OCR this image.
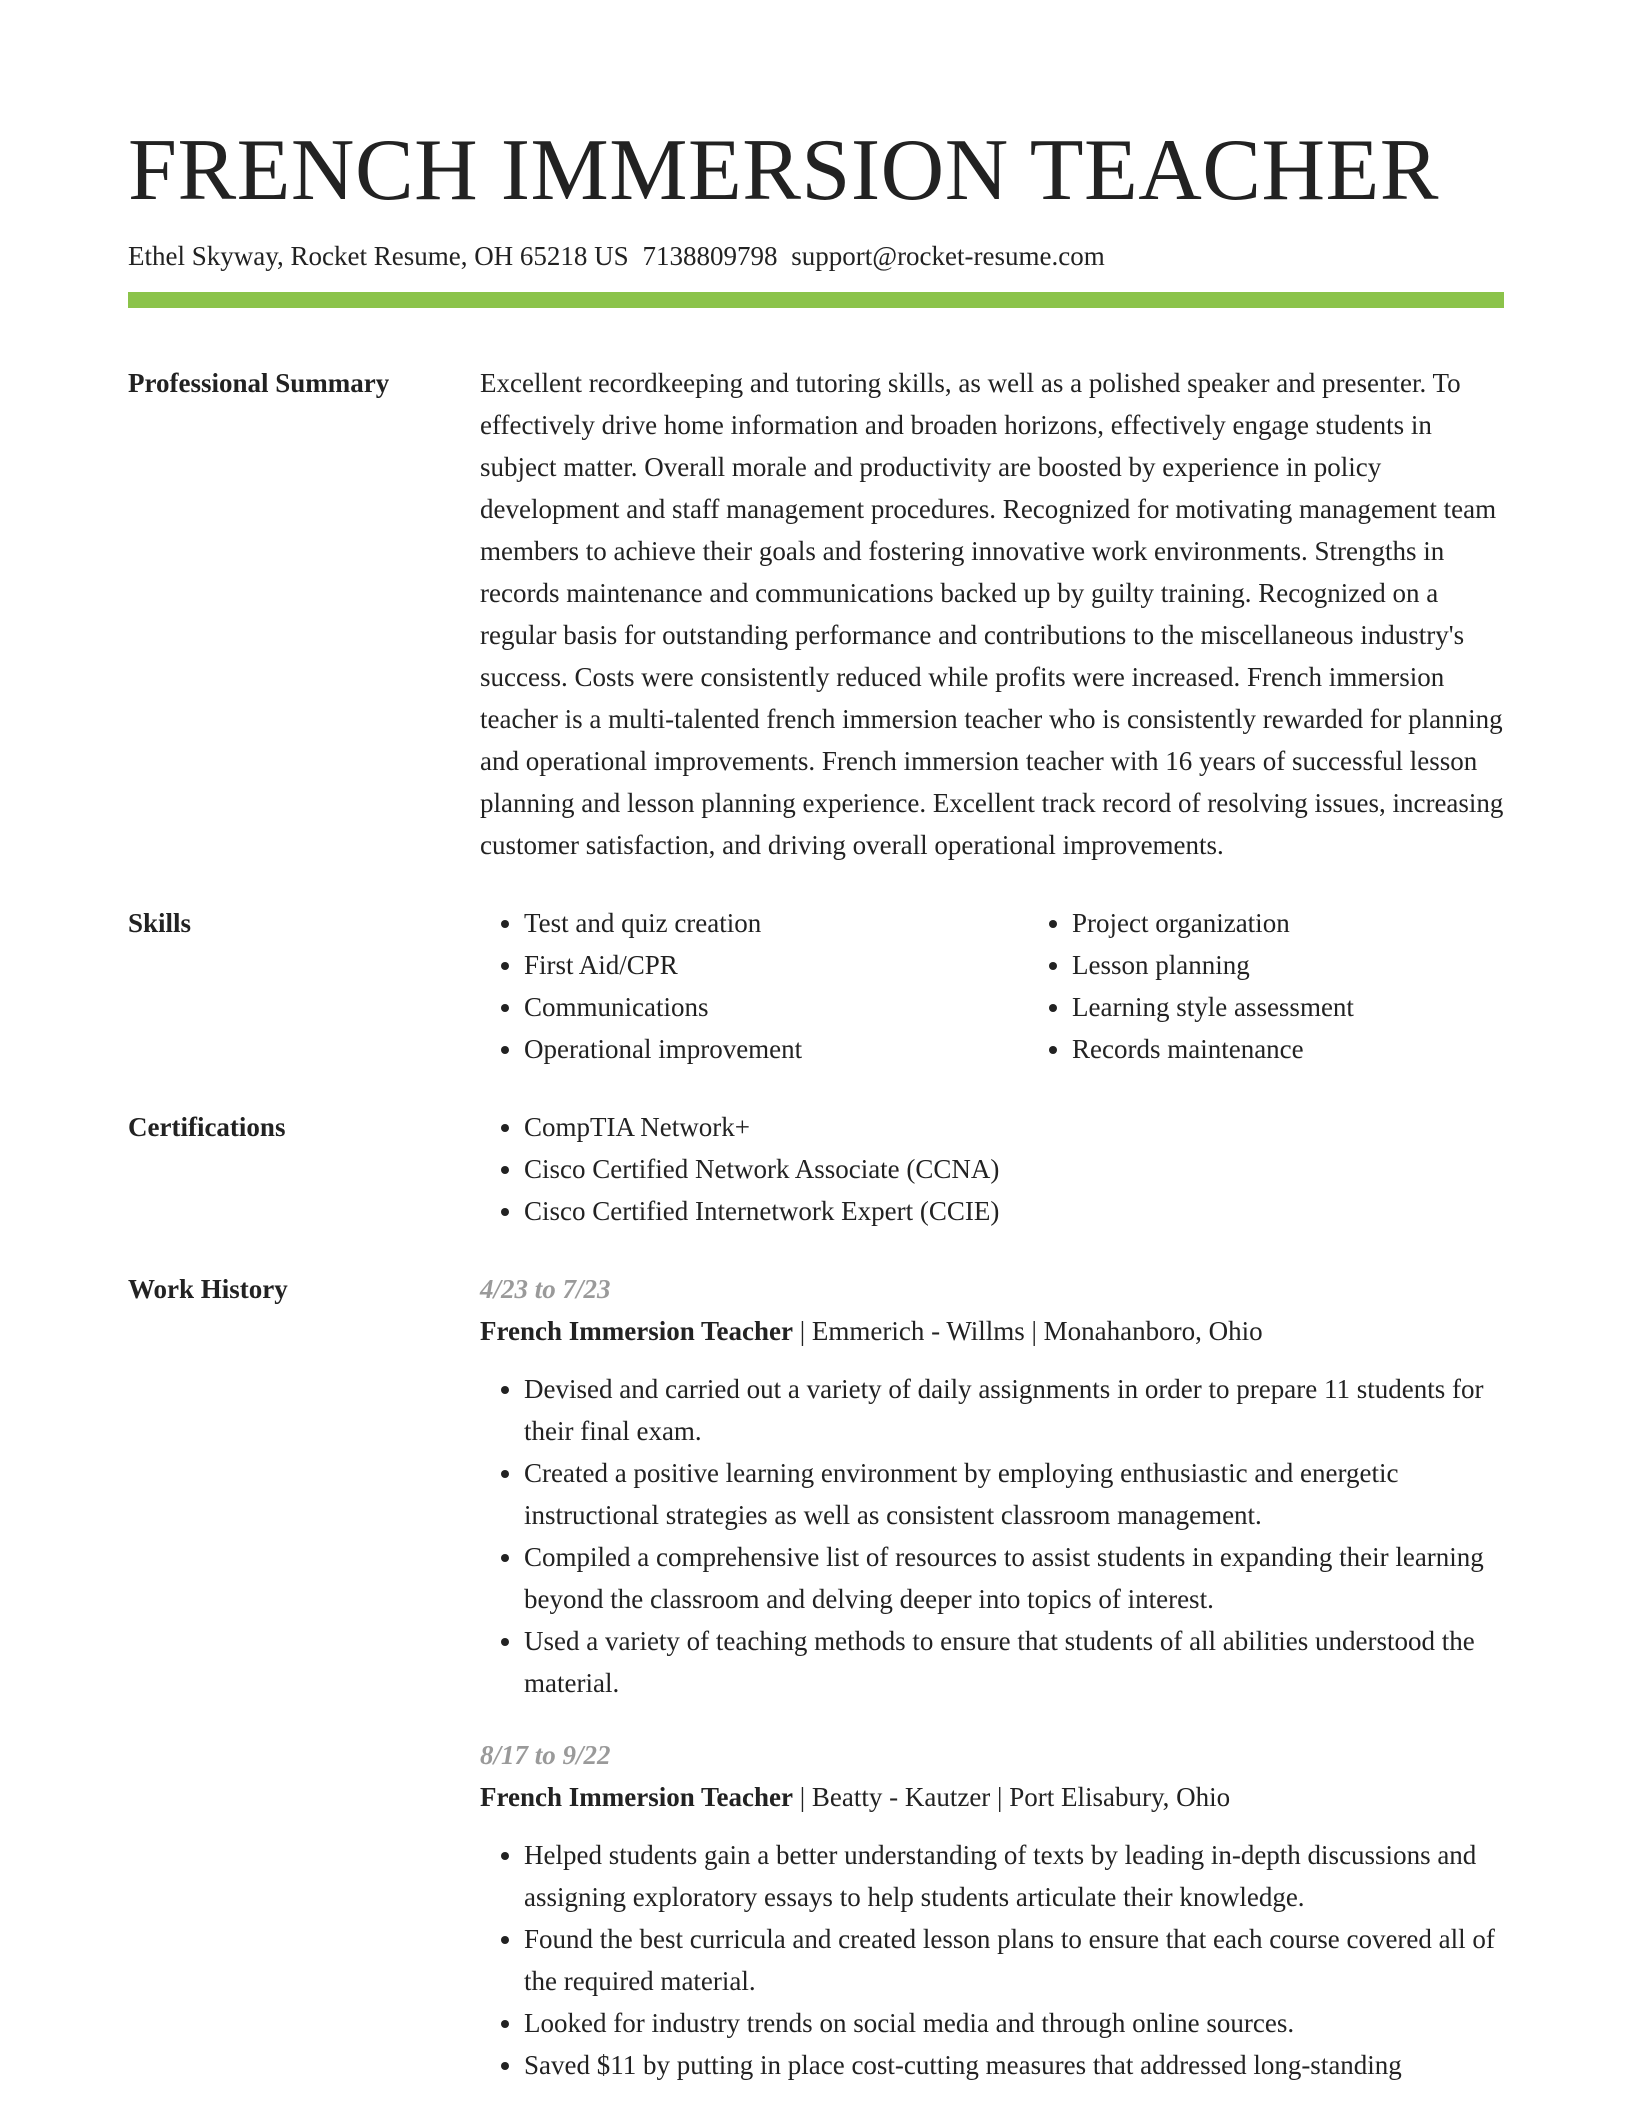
FRENCH IMMERSION TEACHER
Ethel Skyway, Rocket Resume, OH 65218 US 7138809798 support@rocket-resume.com
Professional Summary	Excellent recordkeeping and tutoring skills, as well as a polished speaker and presenter. To effectively drive home information and broaden horizons, effectively engage students in subject matter. Overall morale and productivity are boosted by experience in policy development and staff management procedures. Recognized for motivating management team members to achieve their goals and fostering innovative work environments. Strengths in records maintenance and communications backed up by guilty training. Recognized on a regular basis for outstanding performance and contributions to the miscellaneous industry's success. Costs were consistently reduced while profits were increased. French immersion teacher is a multi-talented french immersion teacher who is consistently rewarded for planning and operational improvements. French immersion teacher with 16 years of successful lesson planning and lesson planning experience. Excellent track record of resolving issues, increasing customer satisfaction, and driving overall operational improvements.

Skills	• Test and quiz creation
• First Aid/CPR
• Communications
• Operational improvement
• Project organization
• Lesson planning
• Learning style assessment
• Records maintenance
Certifications	• CompTIA Network+
• Cisco Certified Network Associate (CCNA)
• Cisco Certified Internetwork Expert (CCIE)
Work History	4/23 to 7/23
French Immersion Teacher | Emmerich - Willms | Monahanboro, Ohio
• Devised and carried out a variety of daily assignments in order to prepare 11 students for their final exam.
• Created a positive learning environment by employing enthusiastic and energetic instructional strategies as well as consistent classroom management.
• Compiled a comprehensive list of resources to assist students in expanding their learning beyond the classroom and delving deeper into topics of interest.
• Used a variety of teaching methods to ensure that students of all abilities understood the material.
8/17 to 9/22
French Immersion Teacher | Beatty - Kautzer | Port Elisabury, Ohio
• Helped students gain a better understanding of texts by leading in-depth discussions and assigning exploratory essays to help students articulate their knowledge.
• Found the best curricula and created lesson plans to ensure that each course covered all of the required material.
• Looked for industry trends on social media and through online sources.
• Saved $11 by putting in place cost-cutting measures that addressed long-standing
